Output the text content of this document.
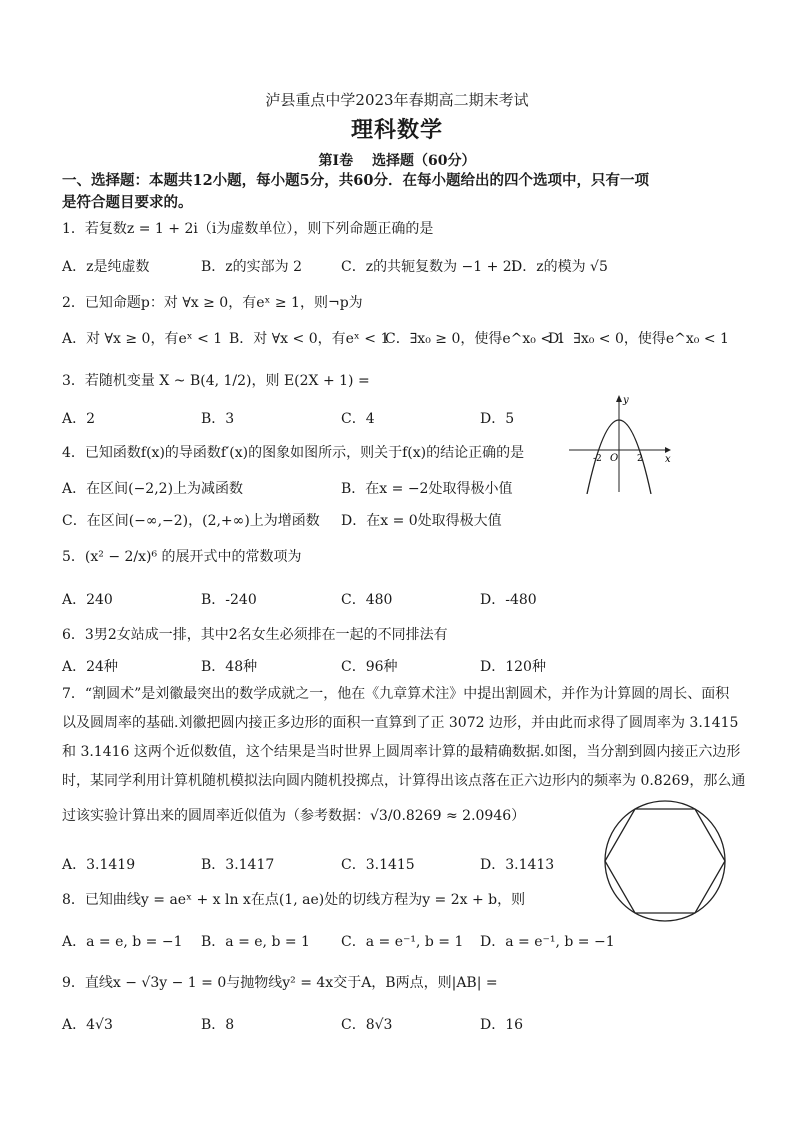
泸县重点中学2023年春期高二期末考试
理科数学
第Ⅰ卷　 选择题（60分）
一、选择题：本题共12小题，每小题5分，共60分．在每小题给出的四个选项中，只有一项
是符合题目要求的。
1．若复数z = 1 + 2i（i为虚数单位），则下列命题正确的是
A．z是纯虚数	B．z的实部为 2	C．z的共轭复数为 −1 + 2i
D．z的模为 √5
2．已知命题p：对 ∀x ≥ 0，有eˣ ≥ 1，则¬p为
A．对 ∀x ≥ 0，有eˣ < 1 B．对 ∀x < 0，有eˣ < 1
C．∃x₀ ≥ 0，使得e^x₀ < 1
D．∃x₀ < 0，使得e^x₀ < 1
3．若随机变量 X ~ B(4, 1/2)，则 E(2X + 1) =
A．2	B．3	C．4	D．5
y
x
O
-2	2
4．已知函数f(x)的导函数f′(x)的图象如图所示，则关于f(x)的结论正确的是
A．在区间(−2,2)上为减函数	B．在x = −2处取得极小值
C．在区间(−∞,−2)，(2,+∞)上为增函数 D．在x = 0处取得极大值
5．(x² − 2/x)⁶ 的展开式中的常数项为
A．240	B．-240	C．480	D．-480
6．3男2女站成一排，其中2名女生必须排在一起的不同排法有
A．24种	B．48种	C．96种	D．120种
7．“割圆术”是刘徽最突出的数学成就之一，他在《九章算术注》中提出割圆术，并作为计算圆的周长、面积
以及圆周率的基础.刘徽把圆内接正多边形的面积一直算到了正 3072 边形，并由此而求得了圆周率为 3.1415
和 3.1416 这两个近似数值，这个结果是当时世界上圆周率计算的最精确数据.如图，当分割到圆内接正六边形
时，某同学利用计算机随机模拟法向圆内随机投掷点，计算得出该点落在正六边形内的频率为 0.8269，那么通
过该实验计算出来的圆周率近似值为（参考数据：√3/0.8269 ≈ 2.0946）
A．3.1419	B．3.1417	C．3.1415	D．3.1413
8．已知曲线y = aeˣ + x ln x在点(1, ae)处的切线方程为y = 2x + b，则
A．a = e, b = −1 B．a = e, b = 1 C．a = e⁻¹, b = 1 D．a = e⁻¹, b = −1
9．直线x − √3y − 1 = 0与抛物线y² = 4x交于A，B两点，则|AB| =
A．4√3	B．8	C．8√3	D．16
